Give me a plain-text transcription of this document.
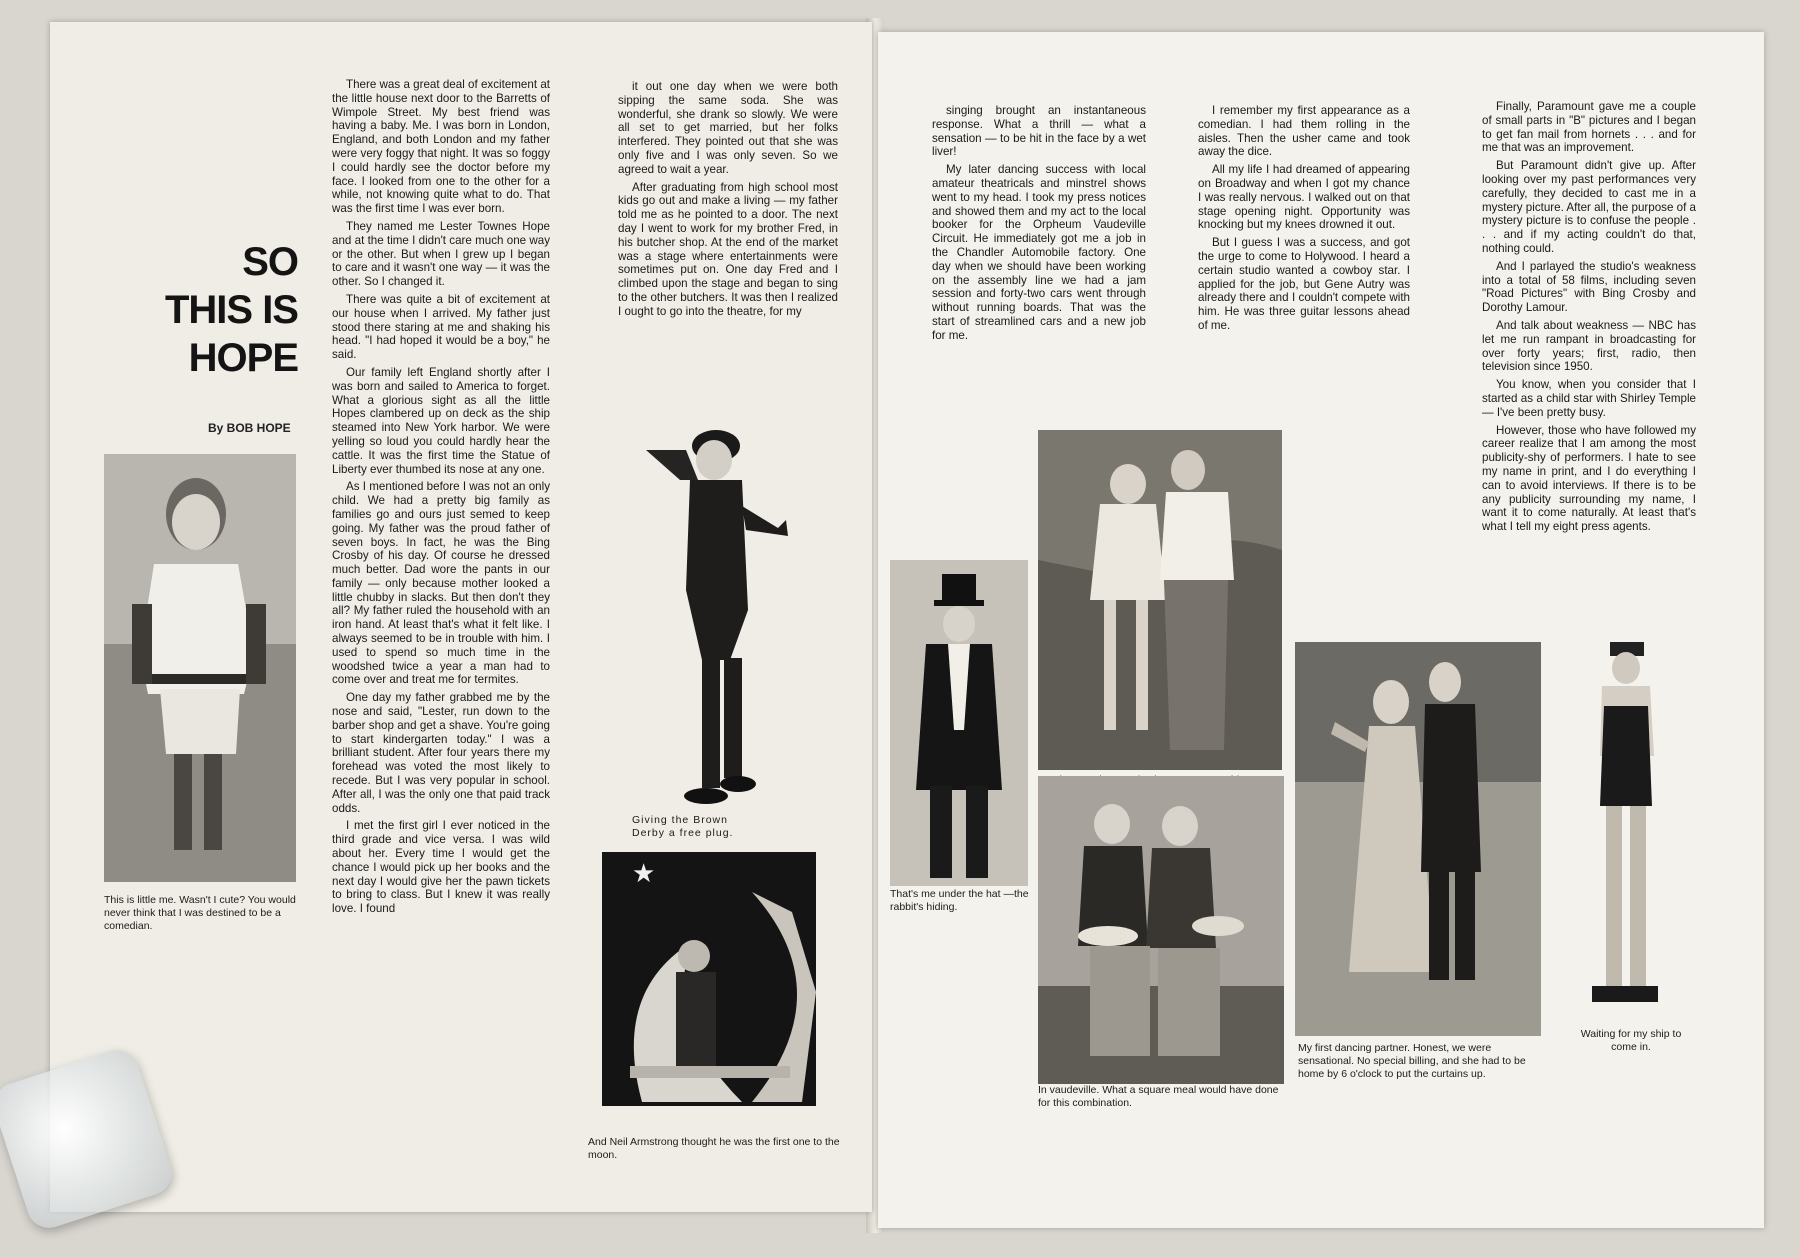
SO
THIS IS
HOPE
By BOB HOPE
This is little me. Wasn't I cute? You would never think that I was destined to be a comedian.

There was a great deal of excitement at the little house next door to the Barretts of Wimpole Street. My best friend was having a baby. Me. I was born in London, England, and both London and my father were very foggy that night. It was so foggy I could hardly see the doctor before my face. I looked from one to the other for a while, not knowing quite what to do. That was the first time I was ever born.

They named me Lester Townes Hope and at the time I didn't care much one way or the other. But when I grew up I began to care and it wasn't one way — it was the other. So I changed it.

There was quite a bit of excitement at our house when I arrived. My father just stood there staring at me and shaking his head. "I had hoped it would be a boy," he said.

Our family left England shortly after I was born and sailed to America to forget. What a glorious sight as all the little Hopes clambered up on deck as the ship steamed into New York harbor. We were yelling so loud you could hardly hear the cattle. It was the first time the Statue of Liberty ever thumbed its nose at any one.

As I mentioned before I was not an only child. We had a pretty big family as families go and ours just semed to keep going. My father was the proud father of seven boys. In fact, he was the Bing Crosby of his day. Of course he dressed much better. Dad wore the pants in our family — only because mother looked a little chubby in slacks. But then don't they all? My father ruled the household with an iron hand. At least that's what it felt like. I always seemed to be in trouble with him. I used to spend so much time in the woodshed twice a year a man had to come over and treat me for termites.

One day my father grabbed me by the nose and said, "Lester, run down to the barber shop and get a shave. You're going to start kindergarten today." I was a brilliant student. After four years there my forehead was voted the most likely to recede. But I was very popular in school. After all, I was the only one that paid track odds.

I met the first girl I ever noticed in the third grade and vice versa. I was wild about her. Every time I would get the chance I would pick up her books and the next day I would give her the pawn tickets to bring to class. But I knew it was really love. I found

it out one day when we were both sipping the same soda. She was wonderful, she drank so slowly. We were all set to get married, but her folks interfered. They pointed out that she was only five and I was only seven. So we agreed to wait a year.

After graduating from high school most kids go out and make a living — my father told me as he pointed to a door. The next day I went to work for my brother Fred, in his butcher shop. At the end of the market was a stage where entertainments were sometimes put on. One day Fred and I climbed upon the stage and began to sing to the other butchers. It was then I realized I ought to go into the theatre, for my

Giving the Brown Derby a free plug.
★
And Neil Armstrong thought he was the first one to the moon.

singing brought an instantaneous response. What a thrill — what a sensation — to be hit in the face by a wet liver!

My later dancing success with local amateur theatricals and minstrel shows went to my head. I took my press notices and showed them and my act to the local booker for the Orpheum Vaudeville Circuit. He immediately got me a job in the Chandler Automobile factory. One day when we should have been working on the assembly line we had a jam session and forty-two cars went through without running boards. That was the start of streamlined cars and a new job for me.

I remember my first appearance as a comedian. I had them rolling in the aisles. Then the usher came and took away the dice.

All my life I had dreamed of appearing on Broadway and when I got my chance I was really nervous. I walked out on that stage opening night. Opportunity was knocking but my knees drowned it out.

But I guess I was a success, and got the urge to come to Holywood. I heard a certain studio wanted a cowboy star. I applied for the job, but Gene Autry was already there and I couldn't compete with him. He was three guitar lessons ahead of me.

Finally, Paramount gave me a couple of small parts in "B" pictures and I began to get fan mail from hornets . . . and for me that was an improvement.

But Paramount didn't give up. After looking over my past performances very carefully, they decided to cast me in a mystery picture. After all, the purpose of a mystery picture is to confuse the people . . . and if my acting couldn't do that, nothing could.

And I parlayed the studio's weakness into a total of 58 films, including seven "Road Pictures" with Bing Crosby and Dorothy Lamour.

And talk about weakness — NBC has let me run rampant in broadcasting for over forty years; first, radio, then television since 1950.

You know, when you consider that I started as a child star with Shirley Temple — I've been pretty busy.

However, those who have followed my career realize that I am among the most publicity-shy of performers. I hate to see my name in print, and I do everything I can to avoid interviews. If there is to be any publicity surrounding my name, I want it to come naturally. At least that's what I tell my eight press agents.

That's me under the hat —the rabbit's hiding.
In vaudeville. What a square meal would have done for this combination.
My first dancing partner. Honest, we were sensational. No special billing, and she had to be home by 6 o'clock to put the curtains up.
Waiting for my ship to come in.
